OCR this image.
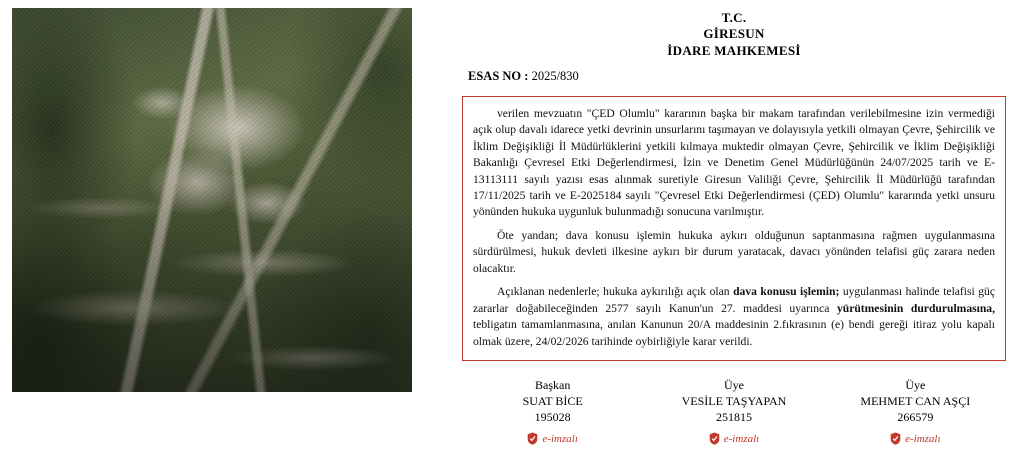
T.C.
GİRESUN
İDARE MAHKEMESİ
ESAS NO : 2025/830

verilen mevzuatın "ÇED Olumlu" kararının başka bir makam tarafından verilebilmesine izin vermediği açık olup davalı idarece yetki devrinin unsurlarını taşımayan ve dolayısıyla yetkili olmayan Çevre, Şehircilik ve İklim Değişikliği İl Müdürlüklerini yetkili kılmaya muktedir olmayan Çevre, Şehircilik ve İklim Değişikliği Bakanlığı Çevresel Etki Değerlendirmesi, İzin ve Denetim Genel Müdürlüğünün 24/07/2025 tarih ve E-13113111 sayılı yazısı esas alınmak suretiyle Giresun Valiliği Çevre, Şehircilik İl Müdürlüğü tarafından 17/11/2025 tarih ve E-2025184 sayılı "Çevresel Etki Değerlendirmesi (ÇED) Olumlu" kararında yetki unsuru yönünden hukuka uygunluk bulunmadığı sonucuna varılmıştır.

Öte yandan; dava konusu işlemin hukuka aykırı olduğunun saptanmasına rağmen uygulanmasına sürdürülmesi, hukuk devleti ilkesine aykırı bir durum yaratacak, davacı yönünden telafisi güç zarara neden olacaktır.

Açıklanan nedenlerle; hukuka aykırılığı açık olan dava konusu işlemin; uygulanması halinde telafisi güç zararlar doğabileceğinden 2577 sayılı Kanun'un 27. maddesi uyarınca yürütmesinin durdurulmasına, tebligatın tamamlanmasına, anılan Kanunun 20/A maddesinin 2.fıkrasının (e) bendi gereği itiraz yolu kapalı olmak üzere, 24/02/2026 tarihinde oybirliğiyle karar verildi.

Başkan
SUAT BİCE
195028
e-imzalı
Üye
VESİLE TAŞYAPAN
251815
e-imzalı
Üye
MEHMET CAN AŞÇI
266579
e-imzalı
